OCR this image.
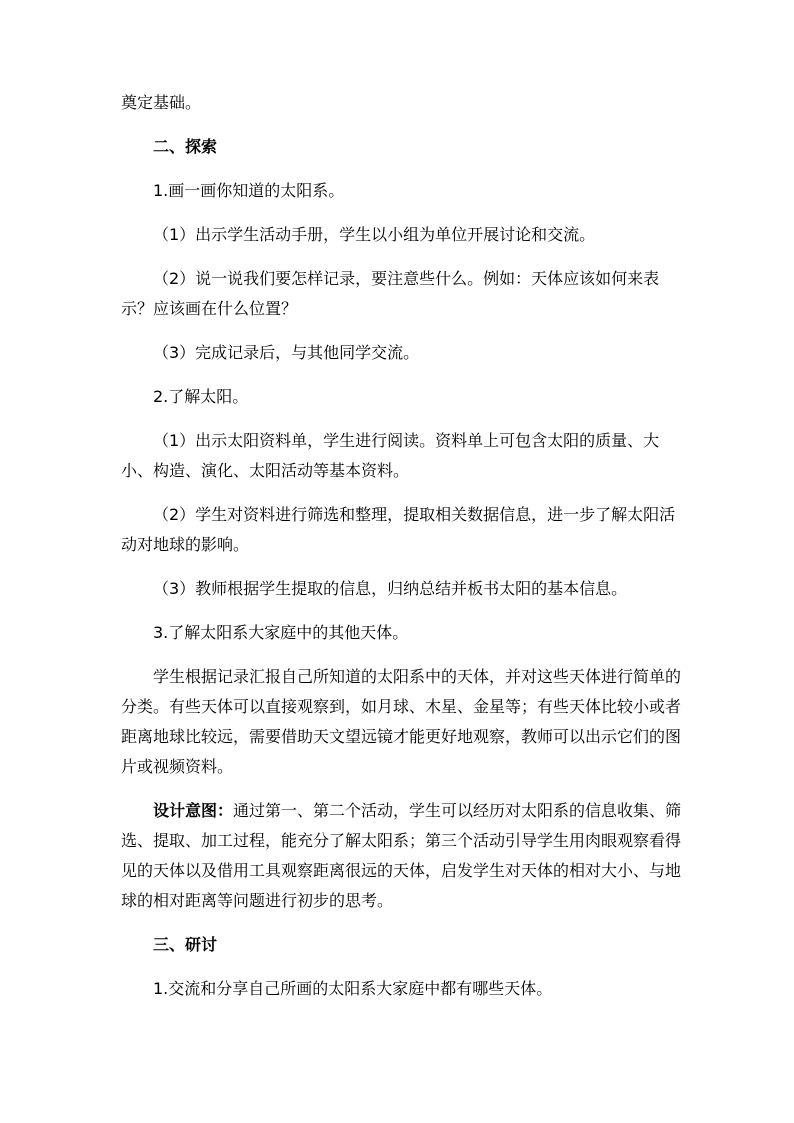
奠定基础。

二、探索

1.画一画你知道的太阳系。

（1）出示学生活动手册，学生以小组为单位开展讨论和交流。

（2）说一说我们要怎样记录，要注意些什么。例如：天体应该如何来表示？应该画在什么位置？

（3）完成记录后，与其他同学交流。

2.了解太阳。

（1）出示太阳资料单，学生进行阅读。资料单上可包含太阳的质量、大小、构造、演化、太阳活动等基本资料。

（2）学生对资料进行筛选和整理，提取相关数据信息，进一步了解太阳活动对地球的影响。

（3）教师根据学生提取的信息，归纳总结并板书太阳的基本信息。

3.了解太阳系大家庭中的其他天体。

学生根据记录汇报自己所知道的太阳系中的天体，并对这些天体进行简单的分类。有些天体可以直接观察到，如月球、木星、金星等；有些天体比较小或者距离地球比较远，需要借助天文望远镜才能更好地观察，教师可以出示它们的图片或视频资料。

设计意图：通过第一、第二个活动，学生可以经历对太阳系的信息收集、筛选、提取、加工过程，能充分了解太阳系；第三个活动引导学生用肉眼观察看得见的天体以及借用工具观察距离很远的天体，启发学生对天体的相对大小、与地球的相对距离等问题进行初步的思考。

三、研讨

1.交流和分享自己所画的太阳系大家庭中都有哪些天体。
